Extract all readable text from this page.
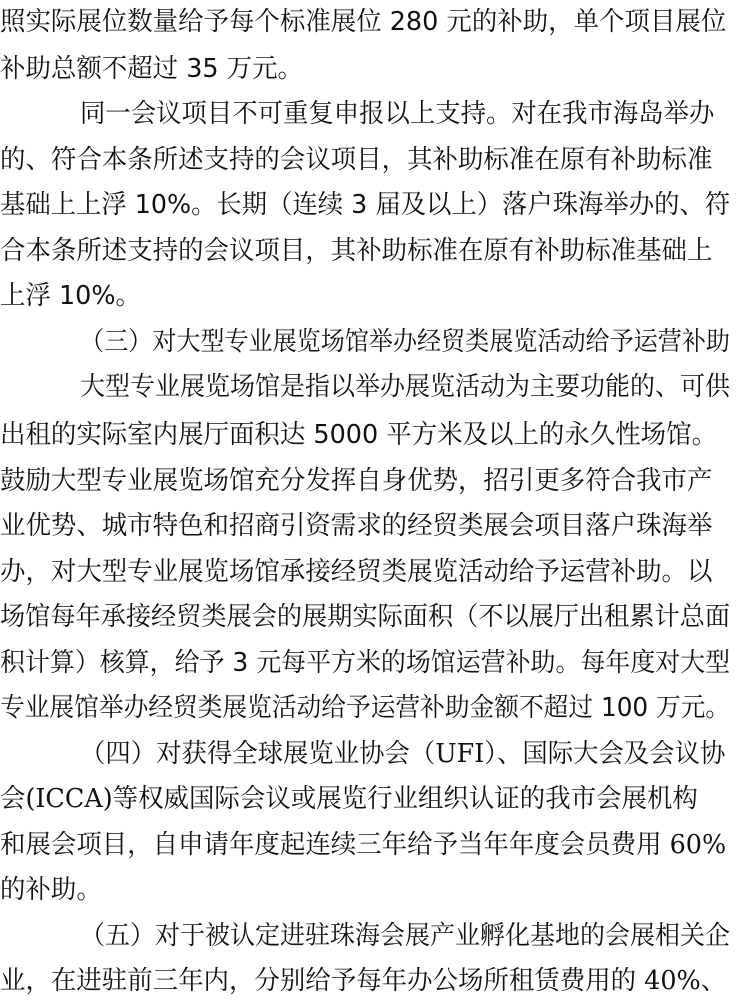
照实际展位数量给予每个标准展位 280 元的补助，单个项目展位
补助总额不超过 35 万元。
同一会议项目不可重复申报以上支持。对在我市海岛举办
的、符合本条所述支持的会议项目，其补助标准在原有补助标准
基础上上浮 10%。长期（连续 3 届及以上）落户珠海举办的、符
合本条所述支持的会议项目，其补助标准在原有补助标准基础上
上浮 10%。
（三）对大型专业展览场馆举办经贸类展览活动给予运营补助
大型专业展览场馆是指以举办展览活动为主要功能的、可供
出租的实际室内展厅面积达 5000 平方米及以上的永久性场馆。
鼓励大型专业展览场馆充分发挥自身优势，招引更多符合我市产
业优势、城市特色和招商引资需求的经贸类展会项目落户珠海举
办，对大型专业展览场馆承接经贸类展览活动给予运营补助。以
场馆每年承接经贸类展会的展期实际面积（不以展厅出租累计总面
积计算）核算，给予 3 元每平方米的场馆运营补助。每年度对大型
专业展馆举办经贸类展览活动给予运营补助金额不超过 100 万元。
（四）对获得全球展览业协会（UFI）、国际大会及会议协
会(ICCA)等权威国际会议或展览行业组织认证的我市会展机构
和展会项目，自申请年度起连续三年给予当年年度会员费用 60%
的补助。
（五）对于被认定进驻珠海会展产业孵化基地的会展相关企
业，在进驻前三年内，分别给予每年办公场所租赁费用的 40%、
